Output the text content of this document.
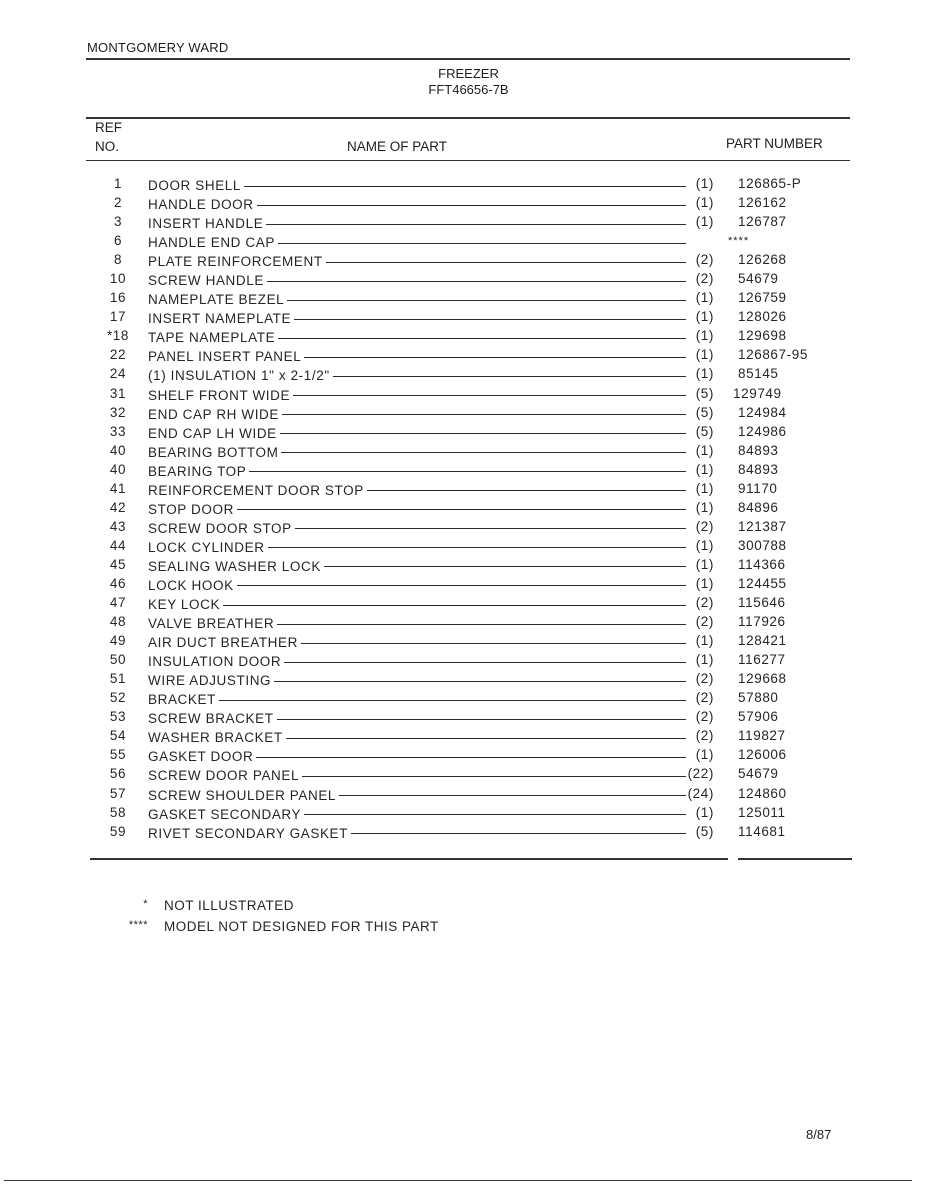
MONTGOMERY WARD
FREEZER
FFT46656-7B
REF
NO.	NAME OF PART	PART NUMBER
1	DOOR SHELL	(1) 126865-P
2	HANDLE DOOR	(1) 126162
3	INSERT HANDLE	(1) 126787
6	HANDLE END CAP	****
8	PLATE REINFORCEMENT	(2) 126268
10	SCREW HANDLE	(2) 54679
16	NAMEPLATE BEZEL	(1) 126759
17	INSERT NAMEPLATE	(1) 128026
*18	TAPE NAMEPLATE	(1) 129698
22	PANEL INSERT PANEL	(1) 126867-95
24	(1) INSULATION 1" x 2-1/2"	(1) 85145
31	SHELF FRONT WIDE	(5) 129749
32	END CAP RH WIDE	(5) 124984
33	END CAP LH WIDE	(5) 124986
40	BEARING BOTTOM	(1) 84893
40	BEARING TOP	(1) 84893
41	REINFORCEMENT DOOR STOP	(1) 91170
42	STOP DOOR	(1) 84896
43	SCREW DOOR STOP	(2) 121387
44	LOCK CYLINDER	(1) 300788
45	SEALING WASHER LOCK	(1) 114366
46	LOCK HOOK	(1) 124455
47	KEY LOCK	(2) 115646
48	VALVE BREATHER	(2) 117926
49	AIR DUCT BREATHER	(1) 128421
50	INSULATION DOOR	(1) 116277
51	WIRE ADJUSTING	(2) 129668
52	BRACKET	(2) 57880
53	SCREW BRACKET	(2) 57906
54	WASHER BRACKET	(2) 119827
55	GASKET DOOR	(1) 126006
56	SCREW DOOR PANEL	(22) 54679
57	SCREW SHOULDER PANEL	(24) 124860
58	GASKET SECONDARY	(1) 125011
59	RIVET SECONDARY GASKET	(5) 114681
* NOT ILLUSTRATED
**** MODEL NOT DESIGNED FOR THIS PART
8/87
